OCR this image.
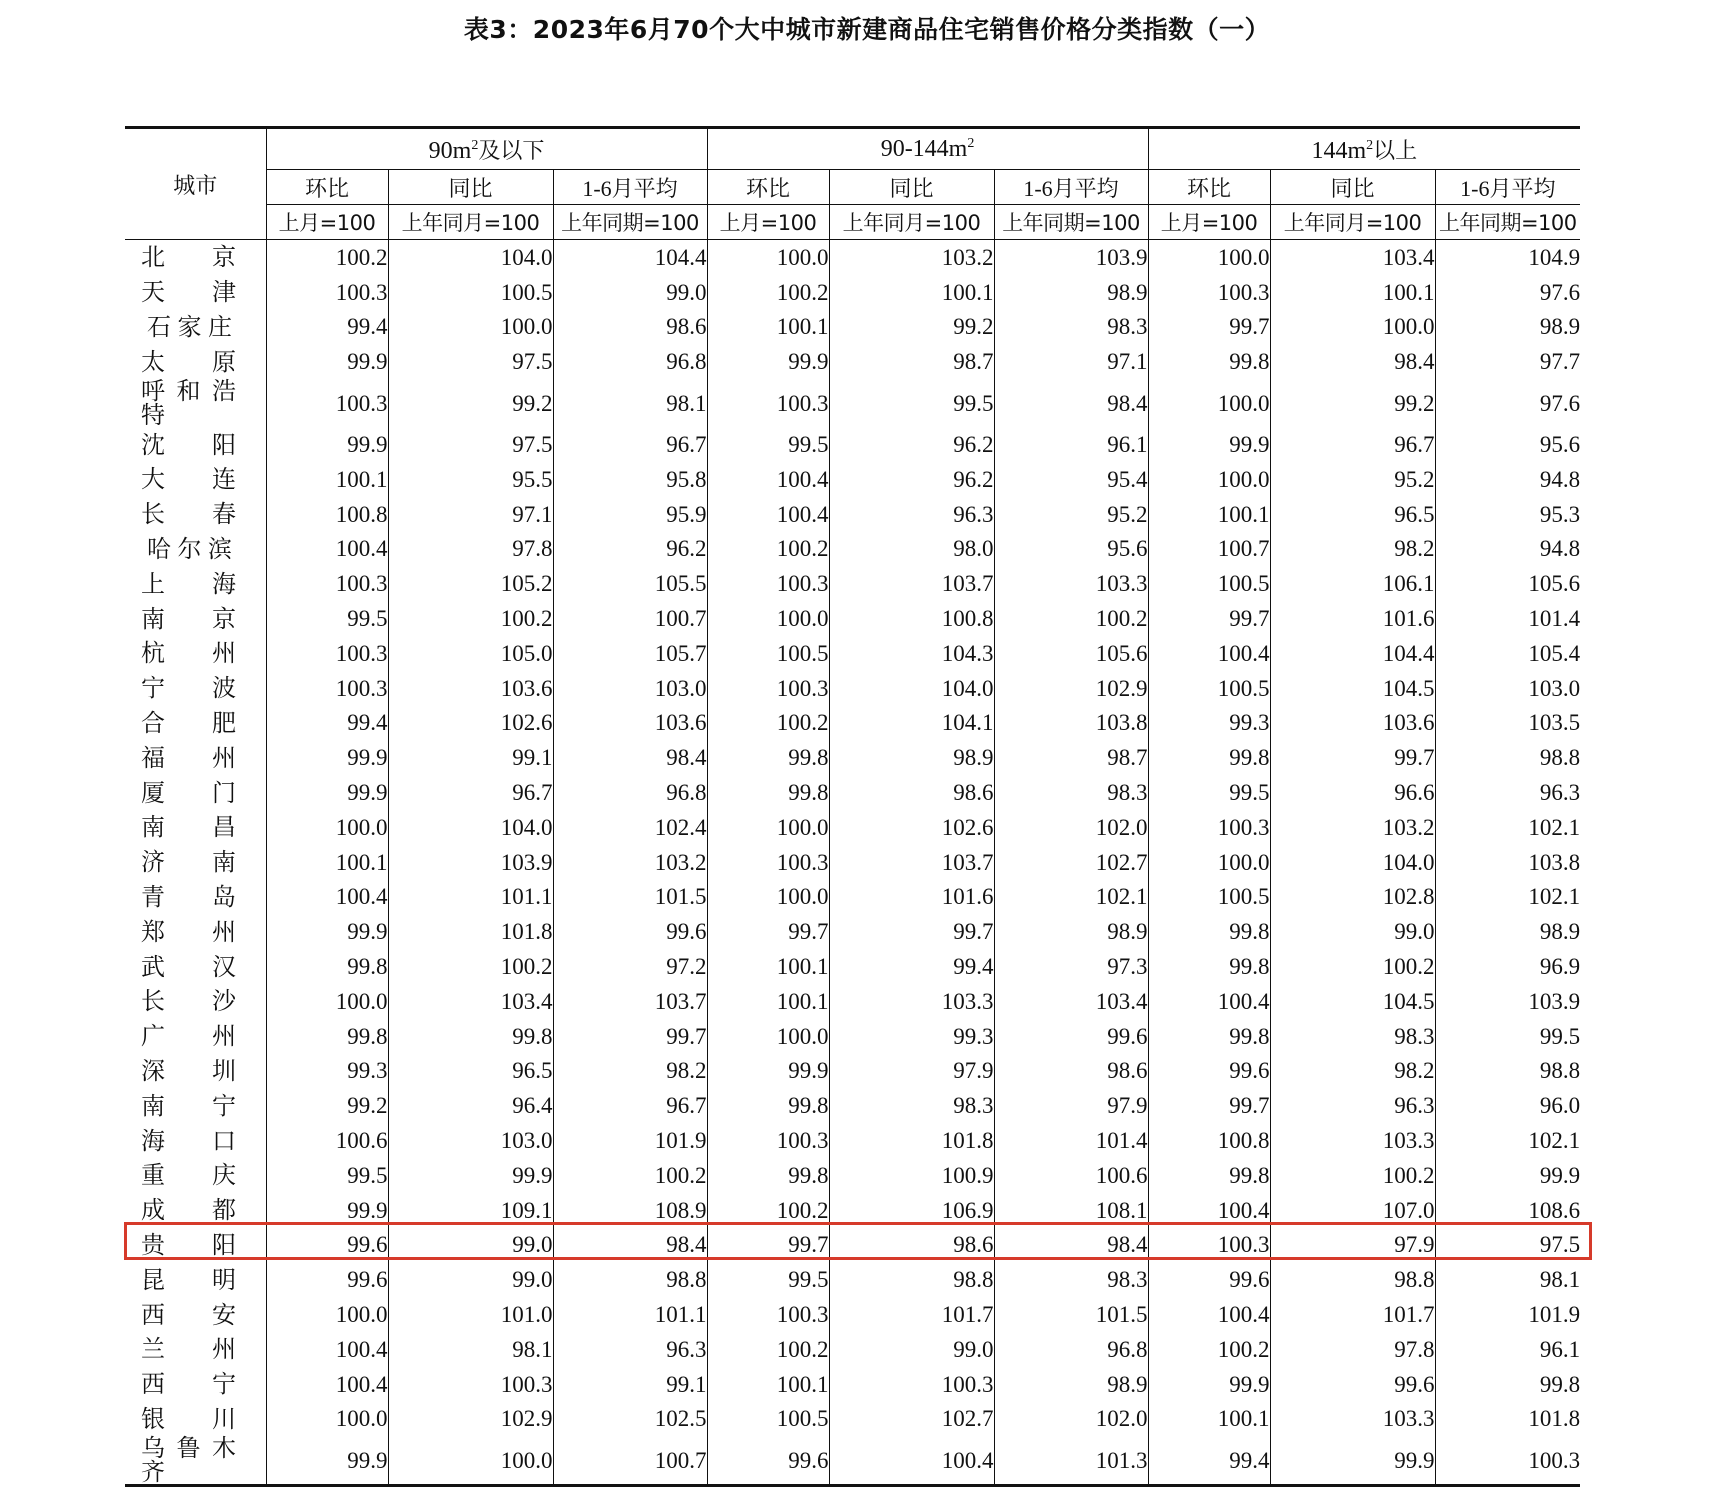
表3：2023年6月70个大中城市新建商品住宅销售价格分类指数（一）
城市	$90m^2$及以下			$90-144m^2$			$144m^2$以上		
	环比	同比	1-6月平均	环比	同比	1-6月平均	环比	同比	1-6月平均
	上月=100	上年同月=100	上年同期=100	上月=100	上年同月=100	上年同期=100	上月=100	上年同月=100	上年同期=100
北京	100.2	104.0	104.4	100.0	103.2	103.9	100.0	103.4	104.9
天津	100.3	100.5	99.0	100.2	100.1	98.9	100.3	100.1	97.6
石家庄	99.4	100.0	98.6	100.1	99.2	98.3	99.7	100.0	98.9
太原	99.9	97.5	96.8	99.9	98.7	97.1	99.8	98.4	97.7
呼和浩特	100.3	99.2	98.1	100.3	99.5	98.4	100.0	99.2	97.6
沈阳	99.9	97.5	96.7	99.5	96.2	96.1	99.9	96.7	95.6
大连	100.1	95.5	95.8	100.4	96.2	95.4	100.0	95.2	94.8
长春	100.8	97.1	95.9	100.4	96.3	95.2	100.1	96.5	95.3
哈尔滨	100.4	97.8	96.2	100.2	98.0	95.6	100.7	98.2	94.8
上海	100.3	105.2	105.5	100.3	103.7	103.3	100.5	106.1	105.6
南京	99.5	100.2	100.7	100.0	100.8	100.2	99.7	101.6	101.4
杭州	100.3	105.0	105.7	100.5	104.3	105.6	100.4	104.4	105.4
宁波	100.3	103.6	103.0	100.3	104.0	102.9	100.5	104.5	103.0
合肥	99.4	102.6	103.6	100.2	104.1	103.8	99.3	103.6	103.5
福州	99.9	99.1	98.4	99.8	98.9	98.7	99.8	99.7	98.8
厦门	99.9	96.7	96.8	99.8	98.6	98.3	99.5	96.6	96.3
南昌	100.0	104.0	102.4	100.0	102.6	102.0	100.3	103.2	102.1
济南	100.1	103.9	103.2	100.3	103.7	102.7	100.0	104.0	103.8
青岛	100.4	101.1	101.5	100.0	101.6	102.1	100.5	102.8	102.1
郑州	99.9	101.8	99.6	99.7	99.7	98.9	99.8	99.0	98.9
武汉	99.8	100.2	97.2	100.1	99.4	97.3	99.8	100.2	96.9
长沙	100.0	103.4	103.7	100.1	103.3	103.4	100.4	104.5	103.9
广州	99.8	99.8	99.7	100.0	99.3	99.6	99.8	98.3	99.5
深圳	99.3	96.5	98.2	99.9	97.9	98.6	99.6	98.2	98.8
南宁	99.2	96.4	96.7	99.8	98.3	97.9	99.7	96.3	96.0
海口	100.6	103.0	101.9	100.3	101.8	101.4	100.8	103.3	102.1
重庆	99.5	99.9	100.2	99.8	100.9	100.6	99.8	100.2	99.9
成都	99.9	109.1	108.9	100.2	106.9	108.1	100.4	107.0	108.6
贵阳	99.6	99.0	98.4	99.7	98.6	98.4	100.3	97.9	97.5
昆明	99.6	99.0	98.8	99.5	98.8	98.3	99.6	98.8	98.1
西安	100.0	101.0	101.1	100.3	101.7	101.5	100.4	101.7	101.9
兰州	100.4	98.1	96.3	100.2	99.0	96.8	100.2	97.8	96.1
西宁	100.4	100.3	99.1	100.1	100.3	98.9	99.9	99.6	99.8
银川	100.0	102.9	102.5	100.5	102.7	102.0	100.1	103.3	101.8
乌鲁木齐	99.9	100.0	100.7	99.6	100.4	101.3	99.4	99.9	100.3
